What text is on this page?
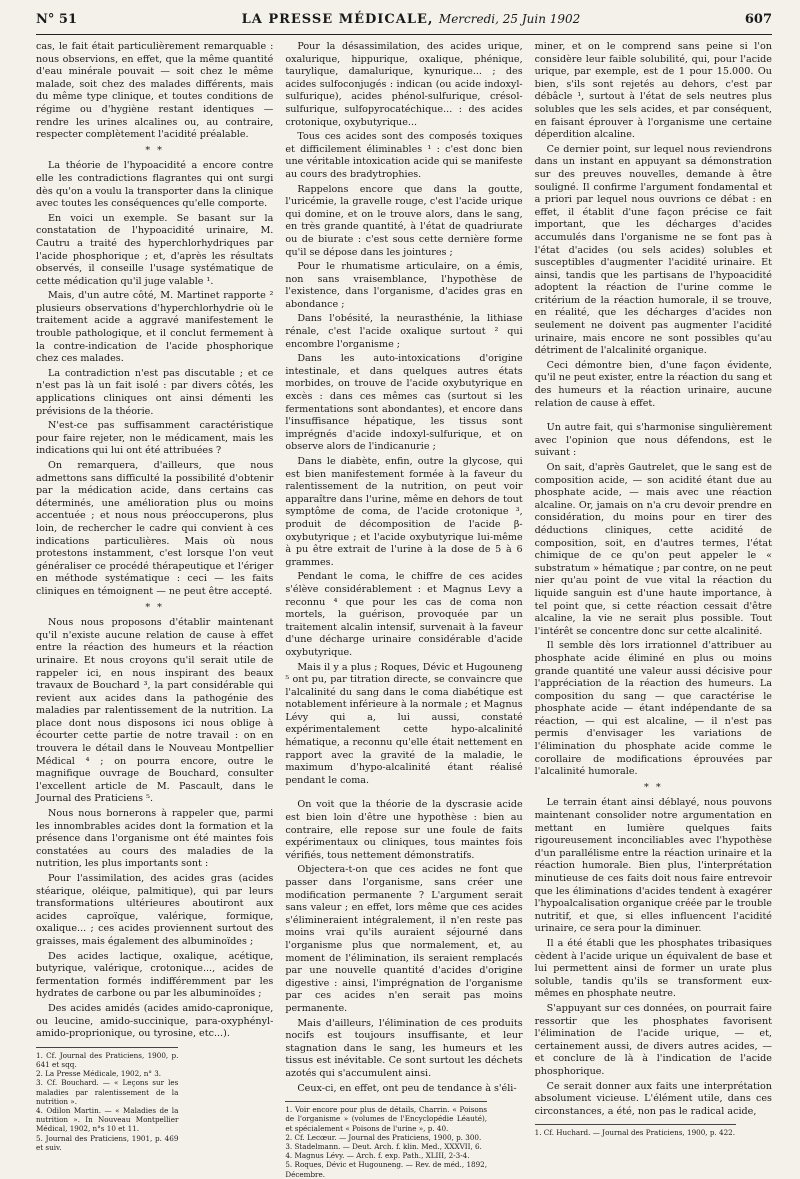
N° 51	LA PRESSE MÉDICALE, Mercredi, 25 Juin 1902	607

cas, le fait était particulièrement remarquable : nous observions, en effet, que la même quantité d'eau minérale pouvait — soit chez le même malade, soit chez des malades différents, mais du même type clinique, et toutes conditions de régime ou d'hygiène restant identiques — rendre les urines alcalines ou, au contraire, respecter complètement l'acidité préalable.

* *

La théorie de l'hypoacidité a encore contre elle les contradictions flagrantes qui ont surgi dès qu'on a voulu la transporter dans la clinique avec toutes les conséquences qu'elle comporte.

En voici un exemple. Se basant sur la constatation de l'hypoacidité urinaire, M. Cautru a traité des hyperchlorhydriques par l'acide phosphorique ; et, d'après les résultats observés, il conseille l'usage systématique de cette médication qu'il juge valable ¹.

Mais, d'un autre côté, M. Martinet rapporte ² plusieurs observations d'hyperchlorhydrie où le traitement acide a aggravé manifestement le trouble pathologique, et il conclut fermement à la contre-indication de l'acide phosphorique chez ces malades.

La contradiction n'est pas discutable ; et ce n'est pas là un fait isolé : par divers côtés, les applications cliniques ont ainsi démenti les prévisions de la théorie.

N'est-ce pas suffisamment caractéristique pour faire rejeter, non le médicament, mais les indications qui lui ont été attribuées ?

On remarquera, d'ailleurs, que nous admettons sans difficulté la possibilité d'obtenir par la médication acide, dans certains cas déterminés, une amélioration plus ou moins accentuée ; et nous nous préoccuperons, plus loin, de rechercher le cadre qui convient à ces indications particulières. Mais où nous protestons instamment, c'est lorsque l'on veut généraliser ce procédé thérapeutique et l'ériger en méthode systématique : ceci — les faits cliniques en témoignent — ne peut être accepté.

* *

Nous nous proposons d'établir maintenant qu'il n'existe aucune relation de cause à effet entre la réaction des humeurs et la réaction urinaire. Et nous croyons qu'il serait utile de rappeler ici, en nous inspirant des beaux travaux de Bouchard ³, la part considérable qui revient aux acides dans la pathogénie des maladies par ralentissement de la nutrition. La place dont nous disposons ici nous oblige à écourter cette partie de notre travail : on en trouvera le détail dans le Nouveau Montpellier Médical ⁴ ; on pourra encore, outre le magnifique ouvrage de Bouchard, consulter l'excellent article de M. Pascault, dans le Journal des Praticiens ⁵.

Nous nous bornerons à rappeler que, parmi les innombrables acides dont la formation et la présence dans l'organisme ont été maintes fois constatées au cours des maladies de la nutrition, les plus importants sont :

Pour l'assimilation, des acides gras (acides stéarique, oléique, palmitique), qui par leurs transformations ultérieures aboutiront aux acides caproïque, valérique, formique, oxalique... ; ces acides proviennent surtout des graisses, mais également des albuminoïdes ;

Des acides lactique, oxalique, acétique, butyrique, valérique, crotonique..., acides de fermentation formés indifféremment par les hydrates de carbone ou par les albuminoïdes ;

Des acides amidés (acides amido-capronique, ou leucine, amido-succinique, para-oxyphényl-amido-proprionique, ou tyrosine, etc...).

1. Cf. Journal des Praticiens, 1900, p. 641 et sqq.
2. La Presse Médicale, 1902, n° 3.
3. Cf. Bouchard. — « Leçons sur les maladies par ralentissement de la nutrition ».
4. Odilon Martin. — « Maladies de la nutrition ». In Nouveau Montpellier Médical, 1902, n°s 10 et 11.
5. Journal des Praticiens, 1901, p. 469 et suiv.

Pour la désassimilation, des acides urique, oxalurique, hippurique, oxalique, phénique, taurylique, damalurique, kynurique... ; des acides sulfoconjugés : indican (ou acide indoxyl-sulfurique), acides phénol-sulfurique, crésol-sulfurique, sulfopyrocatéchique... : des acides crotonique, oxybutyrique...

Tous ces acides sont des composés toxiques et difficilement éliminables ¹ : c'est donc bien une véritable intoxication acide qui se manifeste au cours des bradytrophies.

Rappelons encore que dans la goutte, l'uricémie, la gravelle rouge, c'est l'acide urique qui domine, et on le trouve alors, dans le sang, en très grande quantité, à l'état de quadriurate ou de biurate : c'est sous cette dernière forme qu'il se dépose dans les jointures ;

Pour le rhumatisme articulaire, on a émis, non sans vraisemblance, l'hypothèse de l'existence, dans l'organisme, d'acides gras en abondance ;

Dans l'obésité, la neurasthénie, la lithiase rénale, c'est l'acide oxalique surtout ² qui encombre l'organisme ;

Dans les auto-intoxications d'origine intestinale, et dans quelques autres états morbides, on trouve de l'acide oxybutyrique en excès : dans ces mêmes cas (surtout si les fermentations sont abondantes), et encore dans l'insuffisance hépatique, les tissus sont imprégnés d'acide indoxyl-sulfurique, et on observe alors de l'indicanurie ;

Dans le diabète, enfin, outre la glycose, qui est bien manifestement formée à la faveur du ralentissement de la nutrition, on peut voir apparaître dans l'urine, même en dehors de tout symptôme de coma, de l'acide crotonique ³, produit de décomposition de l'acide β-oxybutyrique ; et l'acide oxybutyrique lui-même à pu être extrait de l'urine à la dose de 5 à 6 grammes.

Pendant le coma, le chiffre de ces acides s'élève considérablement : et Magnus Levy a reconnu ⁴ que pour les cas de coma non mortels, la guérison, provoquée par un traitement alcalin intensif, survenait à la faveur d'une décharge urinaire considérable d'acide oxybutyrique.

Mais il y a plus ; Roques, Dévic et Hugouneng ⁵ ont pu, par titration directe, se convaincre que l'alcalinité du sang dans le coma diabétique est notablement inférieure à la normale ; et Magnus Lévy qui a, lui aussi, constaté expérimentalement cette hypo-alcalinité hématique, a reconnu qu'elle était nettement en rapport avec la gravité de la maladie, le maximum d'hypo-alcalinité étant réalisé pendant le coma.

On voit que la théorie de la dyscrasie acide est bien loin d'être une hypothèse : bien au contraire, elle repose sur une foule de faits expérimentaux ou cliniques, tous maintes fois vérifiés, tous nettement démonstratifs.

Objectera-t-on que ces acides ne font que passer dans l'organisme, sans créer une modification permanente ? L'argument serait sans valeur ; en effet, lors même que ces acides s'élimineraient intégralement, il n'en reste pas moins vrai qu'ils auraient séjourné dans l'organisme plus que normalement, et, au moment de l'élimination, ils seraient remplacés par une nouvelle quantité d'acides d'origine digestive : ainsi, l'imprégnation de l'organisme par ces acides n'en serait pas moins permanente.

Mais d'ailleurs, l'élimination de ces produits nocifs est toujours insuffisante, et leur stagnation dans le sang, les humeurs et les tissus est inévitable. Ce sont surtout les déchets azotés qui s'accumulent ainsi.

Ceux-ci, en effet, ont peu de tendance à s'éli-

1. Voir encore pour plus de détails, Charrin. « Poisons de l'organisme » (volumes de l'Encyclopédie Léauté), et spécialement « Poisons de l'urine », p. 40.
2. Cf. Lecœur. — Journal des Praticiens, 1900, p. 300.
3. Stadelmann. — Deut. Arch. f. klin. Med., XXXVII, 6.
4. Magnus Lévy. — Arch. f. exp. Path., XLIII, 2-3-4.
5. Roques, Dévic et Hugouneng. — Rev. de méd., 1892, Décembre.

miner, et on le comprend sans peine si l'on considère leur faible solubilité, qui, pour l'acide urique, par exemple, est de 1 pour 15.000. Ou bien, s'ils sont rejetés au dehors, c'est par débâcle ¹, surtout à l'état de sels neutres plus solubles que les sels acides, et par conséquent, en faisant éprouver à l'organisme une certaine déperdition alcaline.

Ce dernier point, sur lequel nous reviendrons dans un instant en appuyant sa démonstration sur des preuves nouvelles, demande à être souligné. Il confirme l'argument fondamental et a priori par lequel nous ouvrions ce débat : en effet, il établit d'une façon précise ce fait important, que les décharges d'acides accumulés dans l'organisme ne se font pas à l'état d'acides (ou sels acides) solubles et susceptibles d'augmenter l'acidité urinaire. Et ainsi, tandis que les partisans de l'hypoacidité adoptent la réaction de l'urine comme le critérium de la réaction humorale, il se trouve, en réalité, que les décharges d'acides non seulement ne doivent pas augmenter l'acidité urinaire, mais encore ne sont possibles qu'au détriment de l'alcalinité organique.

Ceci démontre bien, d'une façon évidente, qu'il ne peut exister, entre la réaction du sang et des humeurs et la réaction urinaire, aucune relation de cause à effet.

Un autre fait, qui s'harmonise singulièrement avec l'opinion que nous défendons, est le suivant :

On sait, d'après Gautrelet, que le sang est de composition acide, — son acidité étant due au phosphate acide, — mais avec une réaction alcaline. Or, jamais on n'a cru devoir prendre en considération, du moins pour en tirer des déductions cliniques, cette acidité de composition, soit, en d'autres termes, l'état chimique de ce qu'on peut appeler le « substratum » hématique ; par contre, on ne peut nier qu'au point de vue vital la réaction du liquide sanguin est d'une haute importance, à tel point que, si cette réaction cessait d'être alcaline, la vie ne serait plus possible. Tout l'intérêt se concentre donc sur cette alcalinité.

Il semble dès lors irrationnel d'attribuer au phosphate acide éliminé en plus ou moins grande quantité une valeur aussi décisive pour l'appréciation de la réaction des humeurs. La composition du sang — que caractérise le phosphate acide — étant indépendante de sa réaction, — qui est alcaline, — il n'est pas permis d'envisager les variations de l'élimination du phosphate acide comme le corollaire de modifications éprouvées par l'alcalinité humorale.

* *

Le terrain étant ainsi déblayé, nous pouvons maintenant consolider notre argumentation en mettant en lumière quelques faits rigoureusement inconciliables avec l'hypothèse d'un parallélisme entre la réaction urinaire et la réaction humorale. Bien plus, l'interprétation minutieuse de ces faits doit nous faire entrevoir que les éliminations d'acides tendent à exagérer l'hypoalcalisation organique créée par le trouble nutritif, et que, si elles influencent l'acidité urinaire, ce sera pour la diminuer.

Il a été établi que les phosphates tribasiques cèdent à l'acide urique un équivalent de base et lui permettent ainsi de former un urate plus soluble, tandis qu'ils se transforment eux-mêmes en phosphate neutre.

S'appuyant sur ces données, on pourrait faire ressortir que les phosphates favorisent l'élimination de l'acide urique, — et, certainement aussi, de divers autres acides, — et conclure de là à l'indication de l'acide phosphorique.

Ce serait donner aux faits une interprétation absolument vicieuse. L'élément utile, dans ces circonstances, a été, non pas le radical acide,

1. Cf. Huchard. — Journal des Praticiens, 1900, p. 422.
